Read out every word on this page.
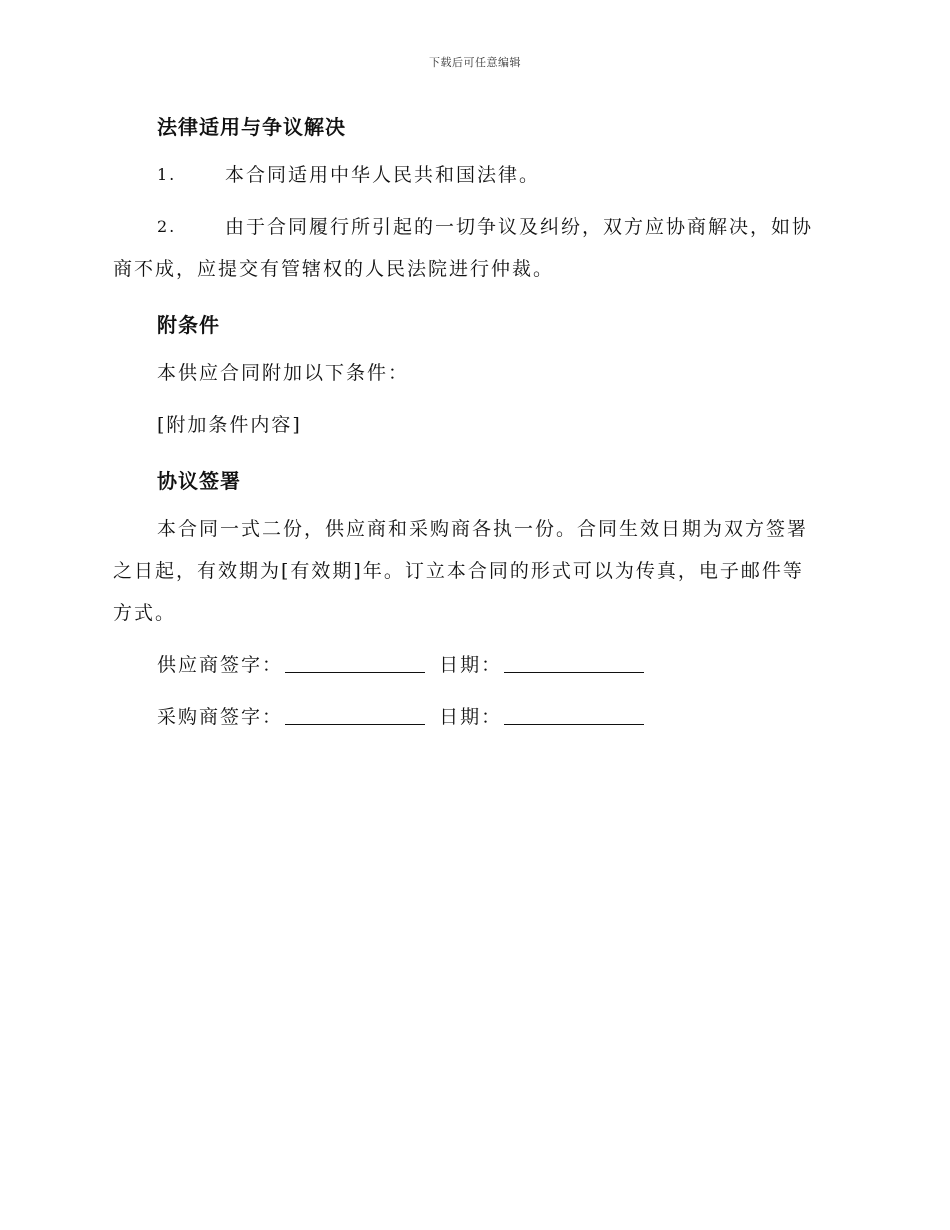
下载后可任意编辑
法律适用与争议解决
1.	本合同适用中华人民共和国法律。
2.	由于合同履行所引起的一切争议及纠纷，双方应协商解决，如协
商不成，应提交有管辖权的人民法院进行仲裁。
附条件
本供应合同附加以下条件：
[附加条件内容]
协议签署
本合同一式二份，供应商和采购商各执一份。合同生效日期为双方签署
之日起，有效期为[有效期]年。订立本合同的形式可以为传真，电子邮件等
方式。
供应商签字：	日期：
采购商签字：	日期：
